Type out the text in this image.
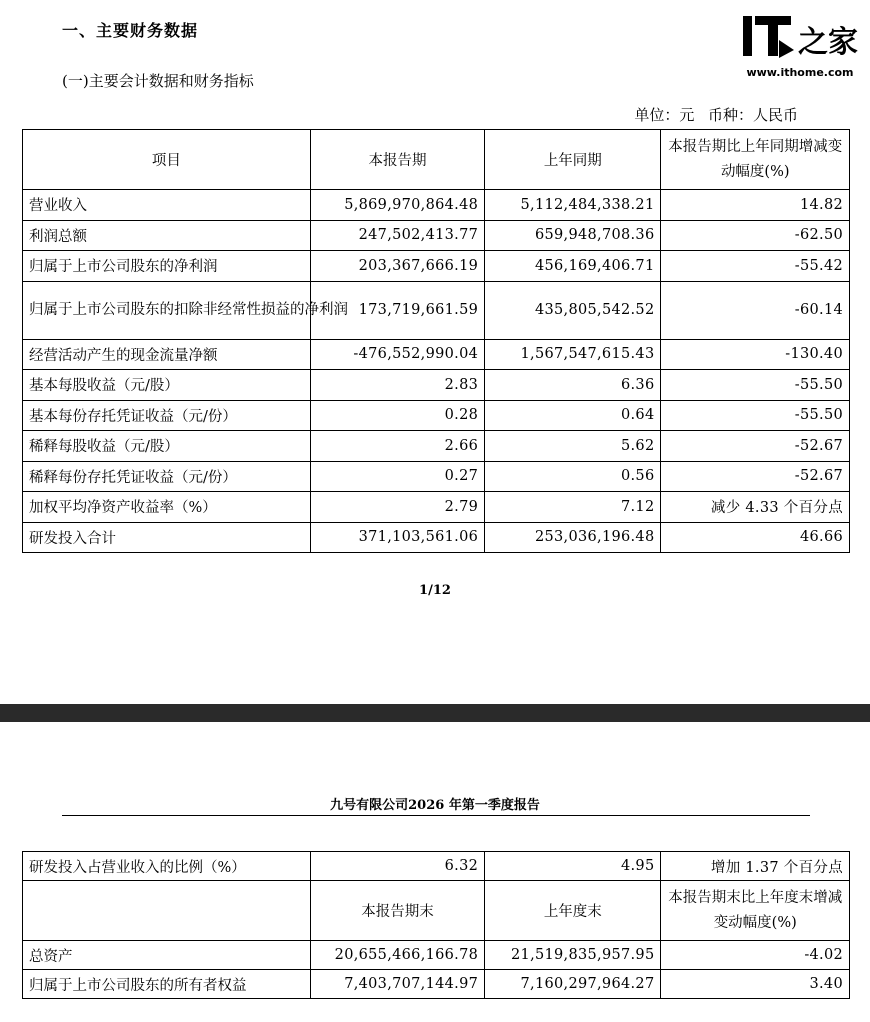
一、主要财务数据
(一)主要会计数据和财务指标
之家
www.ithome.com
单位：元 币种：人民币
项目	本报告期	上年同期	本报告期比上年同期增减变动幅度(%)
营业收入	5,869,970,864.48	5,112,484,338.21	14.82
利润总额	247,502,413.77	659,948,708.36	-62.50
归属于上市公司股东的净利润	203,367,666.19	456,169,406.71	-55.42
归属于上市公司股东的扣除非经常性损益的净利润	173,719,661.59	435,805,542.52	-60.14
经营活动产生的现金流量净额	-476,552,990.04	1,567,547,615.43	-130.40
基本每股收益（元/股）	2.83	6.36	-55.50
基本每份存托凭证收益（元/份）	0.28	0.64	-55.50
稀释每股收益（元/股）	2.66	5.62	-52.67
稀释每份存托凭证收益（元/份）	0.27	0.56	-52.67
加权平均净资产收益率（%）	2.79	7.12	减少 4.33 个百分点
研发投入合计	371,103,561.06	253,036,196.48	46.66
1/12
九号有限公司2026 年第一季度报告
研发投入占营业收入的比例（%）	6.32	4.95	增加 1.37 个百分点
	本报告期末	上年度末	本报告期末比上年度末增减变动幅度(%)
总资产	20,655,466,166.78	21,519,835,957.95	-4.02
归属于上市公司股东的所有者权益	7,403,707,144.97	7,160,297,964.27	3.40
